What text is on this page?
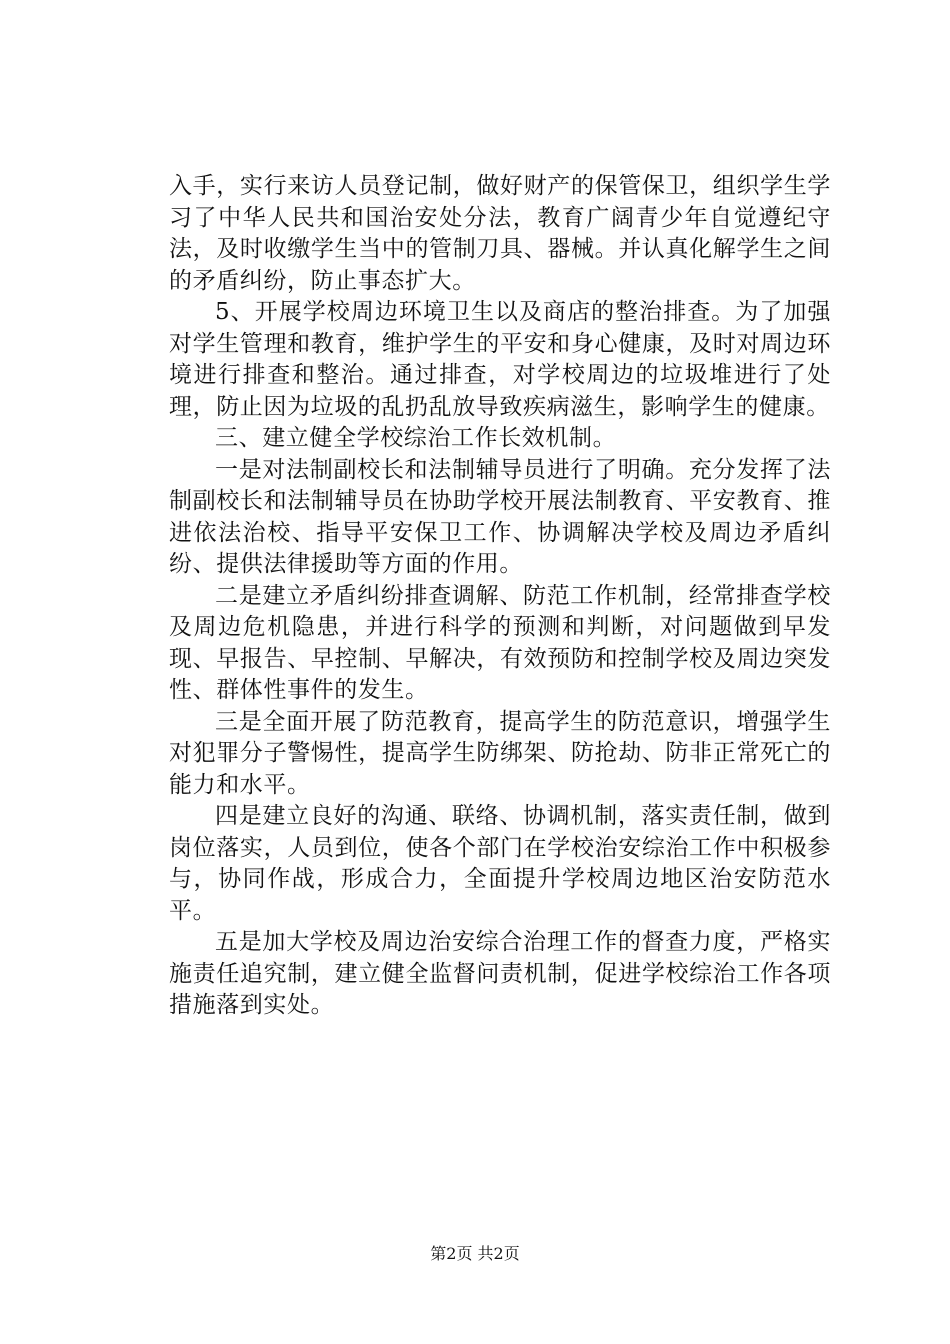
入手，实行来访人员登记制，做好财产的保管保卫，组织学生学习了中华人民共和国治安处分法，教育广阔青少年自觉遵纪守法，及时收缴学生当中的管制刀具、器械。并认真化解学生之间的矛盾纠纷，防止事态扩大。

5、开展学校周边环境卫生以及商店的整治排查。为了加强对学生管理和教育，维护学生的平安和身心健康，及时对周边环境进行排查和整治。通过排查，对学校周边的垃圾堆进行了处理，防止因为垃圾的乱扔乱放导致疾病滋生，影响学生的健康。

三、建立健全学校综治工作长效机制。

一是对法制副校长和法制辅导员进行了明确。充分发挥了法制副校长和法制辅导员在协助学校开展法制教育、平安教育、推进依法治校、指导平安保卫工作、协调解决学校及周边矛盾纠纷、提供法律援助等方面的作用。

二是建立矛盾纠纷排查调解、防范工作机制，经常排查学校及周边危机隐患，并进行科学的预测和判断，对问题做到早发现、早报告、早控制、早解决，有效预防和控制学校及周边突发性、群体性事件的发生。

三是全面开展了防范教育，提高学生的防范意识，增强学生对犯罪分子警惕性，提高学生防绑架、防抢劫、防非正常死亡的能力和水平。

四是建立良好的沟通、联络、协调机制，落实责任制，做到岗位落实，人员到位，使各个部门在学校治安综治工作中积极参与，协同作战，形成合力，全面提升学校周边地区治安防范水平。

五是加大学校及周边治安综合治理工作的督查力度，严格实施责任追究制，建立健全监督问责机制，促进学校综治工作各项措施落到实处。

第2页 共2页
